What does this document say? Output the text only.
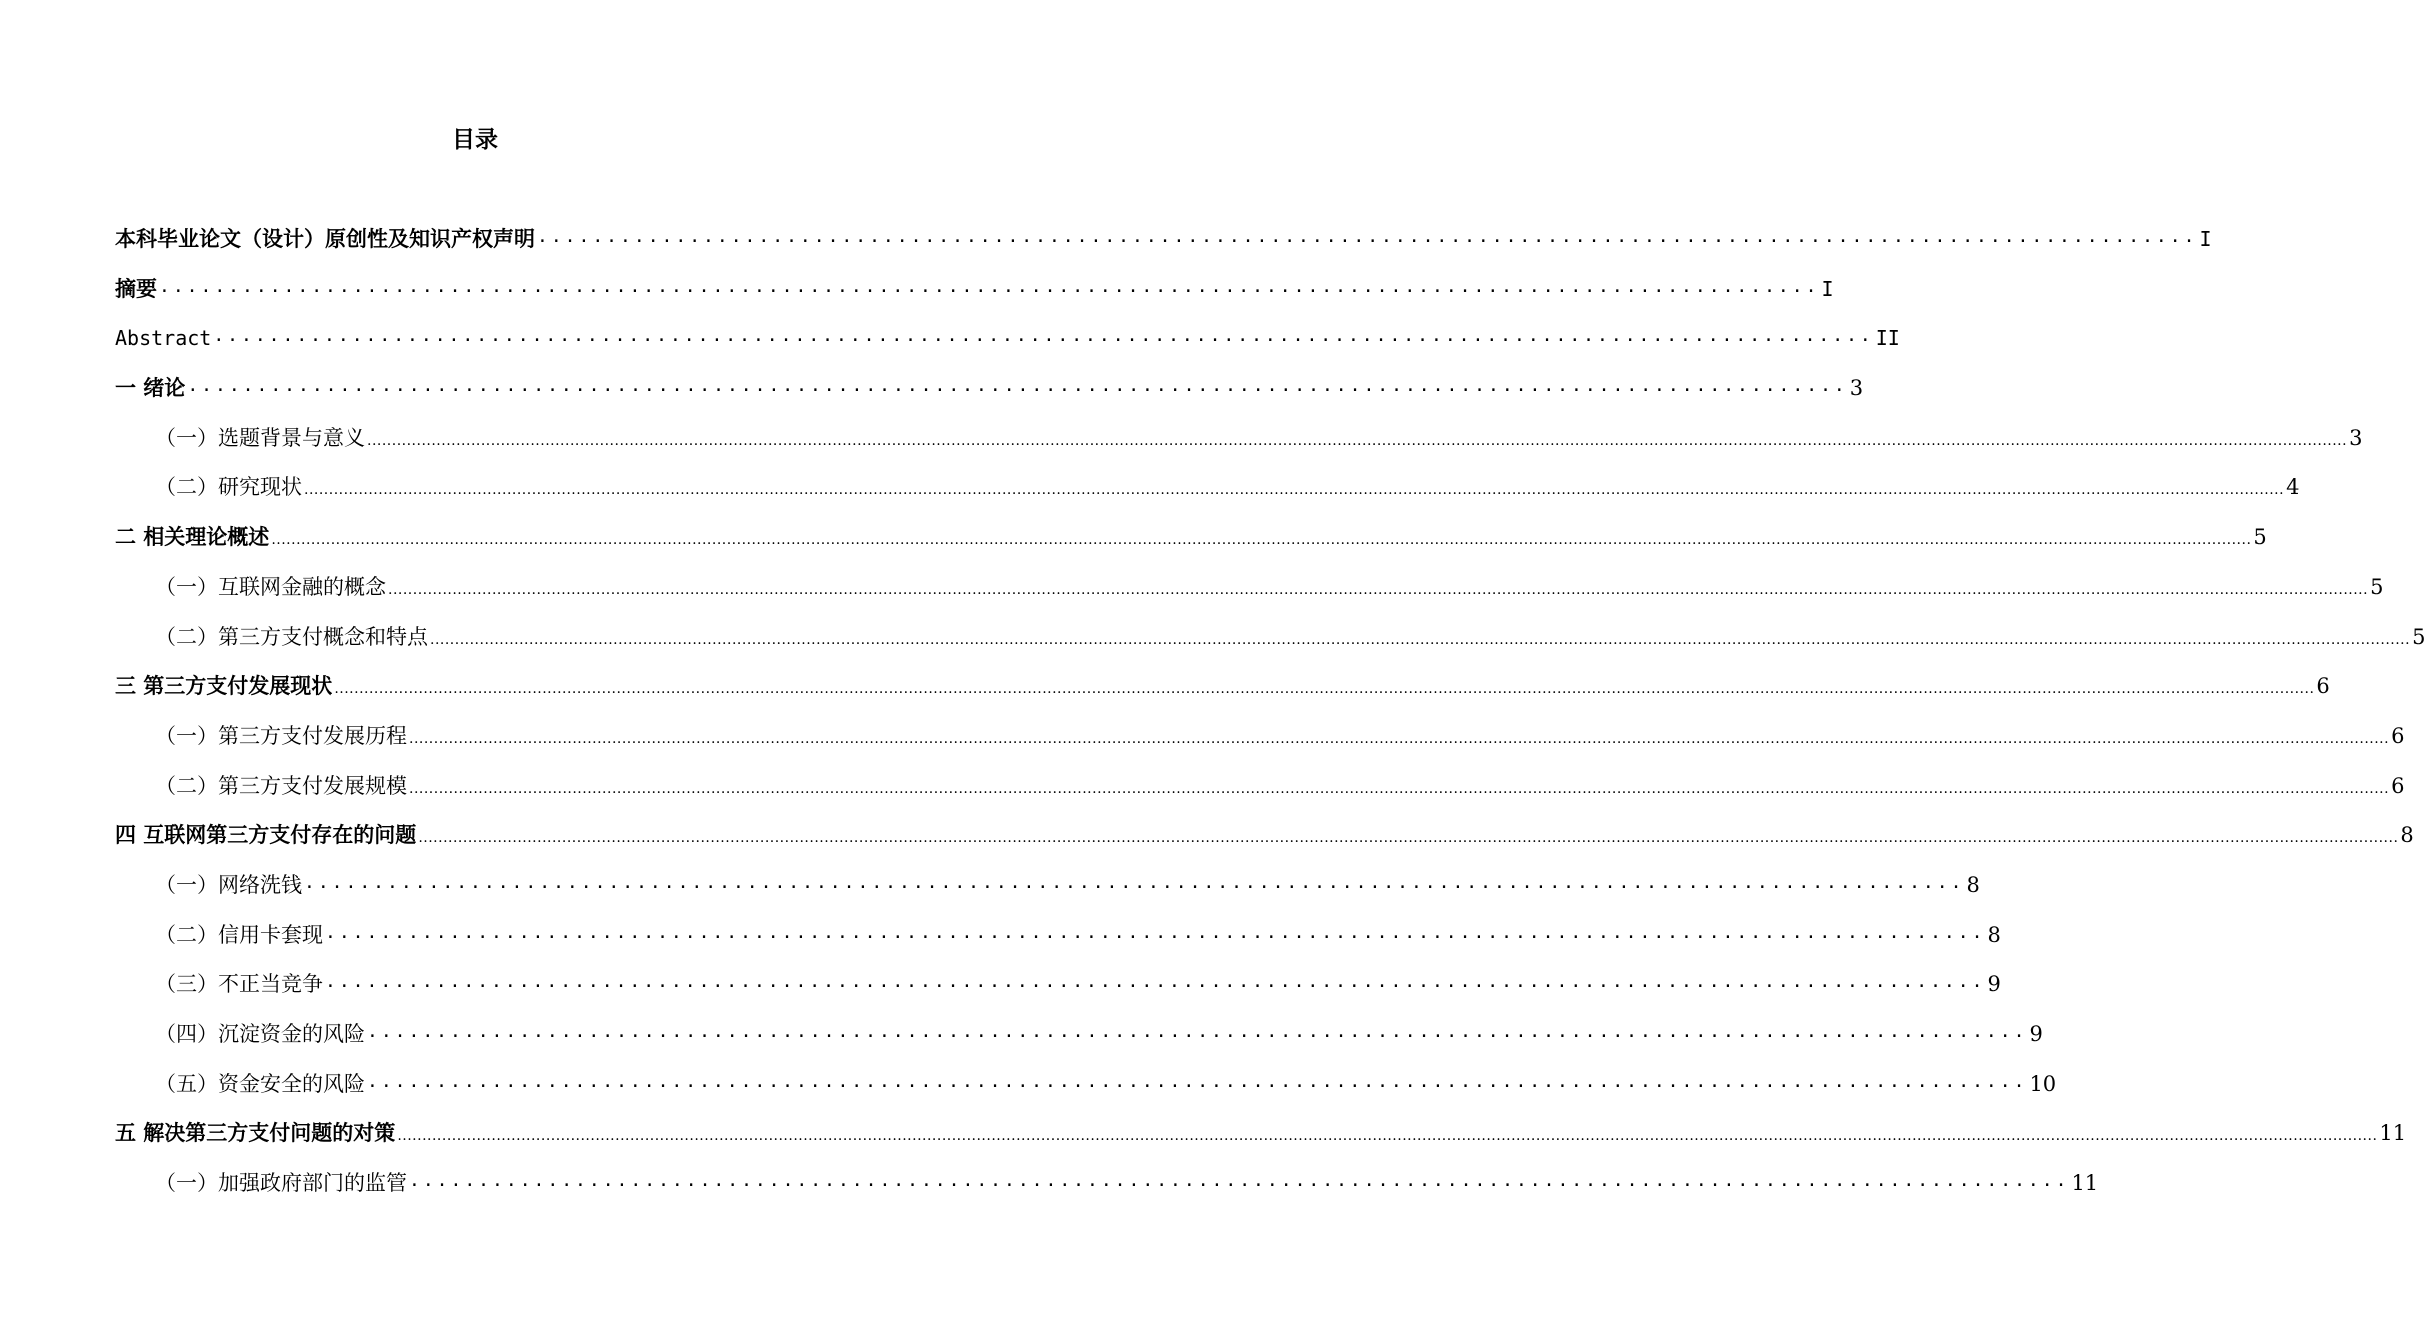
目录
本科毕业论文（设计）原创性及知识产权声明 ........................................................................................................................ I
摘要 ........................................................................................................................ I
Abstract ........................................................................................................................ II
一 绪论 ........................................................................................................................ 3
（一）选题背景与意义 ................................................................................................................................................................................................................................................................................................................................................................................................................ 3
（二）研究现状 ................................................................................................................................................................................................................................................................................................................................................................................................................ 4
二 相关理论概述 ................................................................................................................................................................................................................................................................................................................................................................................................................ 5
（一）互联网金融的概念 ................................................................................................................................................................................................................................................................................................................................................................................................................ 5
（二）第三方支付概念和特点 ................................................................................................................................................................................................................................................................................................................................................................................................................ 5
三 第三方支付发展现状 ................................................................................................................................................................................................................................................................................................................................................................................................................ 6
（一）第三方支付发展历程 ................................................................................................................................................................................................................................................................................................................................................................................................................ 6
（二）第三方支付发展规模 ................................................................................................................................................................................................................................................................................................................................................................................................................ 6
四 互联网第三方支付存在的问题 ................................................................................................................................................................................................................................................................................................................................................................................................................ 8
（一）网络洗钱 ........................................................................................................................ 8
（二）信用卡套现 ........................................................................................................................ 8
（三）不正当竞争 ........................................................................................................................ 9
（四）沉淀资金的风险 ........................................................................................................................ 9
（五）资金安全的风险 ........................................................................................................................ 10
五 解决第三方支付问题的对策 ................................................................................................................................................................................................................................................................................................................................................................................................................ 11
（一）加强政府部门的监管 ........................................................................................................................ 11
